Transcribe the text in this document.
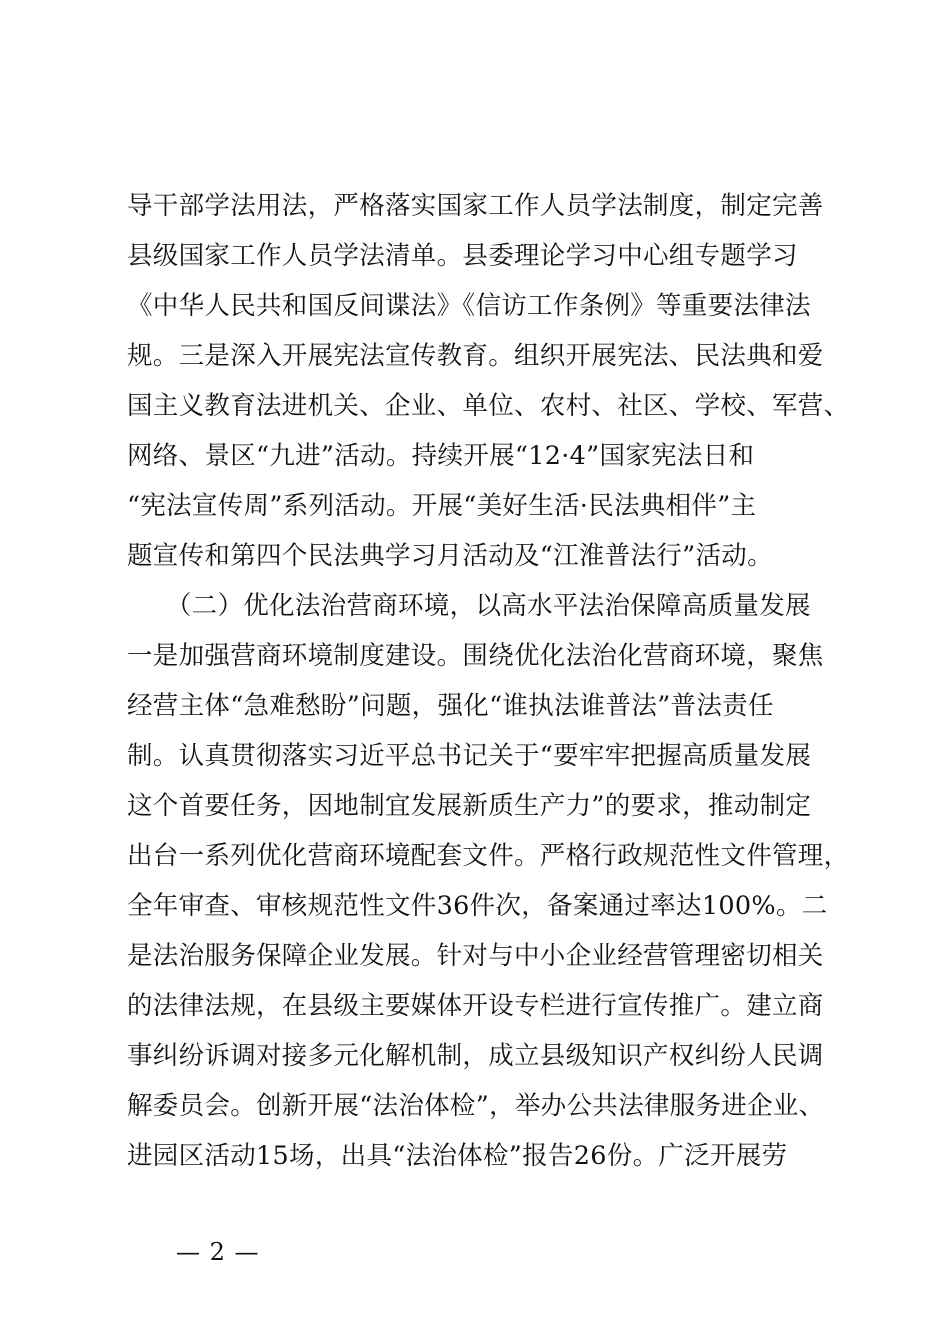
导干部学法用法，严格落实国家工作人员学法制度，制定完善
县级国家工作人员学法清单。县委理论学习中心组专题学习
《中华人民共和国反间谍法》《信访工作条例》等重要法律法
规。三是深入开展宪法宣传教育。组织开展宪法、民法典和爱
国主义教育法进机关、企业、单位、农村、社区、学校、军营、
网络、景区“九进”活动。持续开展“12·4”国家宪法日和
“宪法宣传周”系列活动。开展“美好生活·民法典相伴”主
题宣传和第四个民法典学习月活动及“江淮普法行”活动。
　　（二）优化法治营商环境，以高水平法治保障高质量发展
一是加强营商环境制度建设。围绕优化法治化营商环境，聚焦
经营主体“急难愁盼”问题，强化“谁执法谁普法”普法责任
制。认真贯彻落实习近平总书记关于“要牢牢把握高质量发展
这个首要任务，因地制宜发展新质生产力”的要求，推动制定
出台一系列优化营商环境配套文件。严格行政规范性文件管理，
全年审查、审核规范性文件36件次，备案通过率达100%。二
是法治服务保障企业发展。针对与中小企业经营管理密切相关
的法律法规，在县级主要媒体开设专栏进行宣传推广。建立商
事纠纷诉调对接多元化解机制，成立县级知识产权纠纷人民调
解委员会。创新开展“法治体检”，举办公共法律服务进企业、
进园区活动15场，出具“法治体检”报告26份。广泛开展劳
— 2 —
